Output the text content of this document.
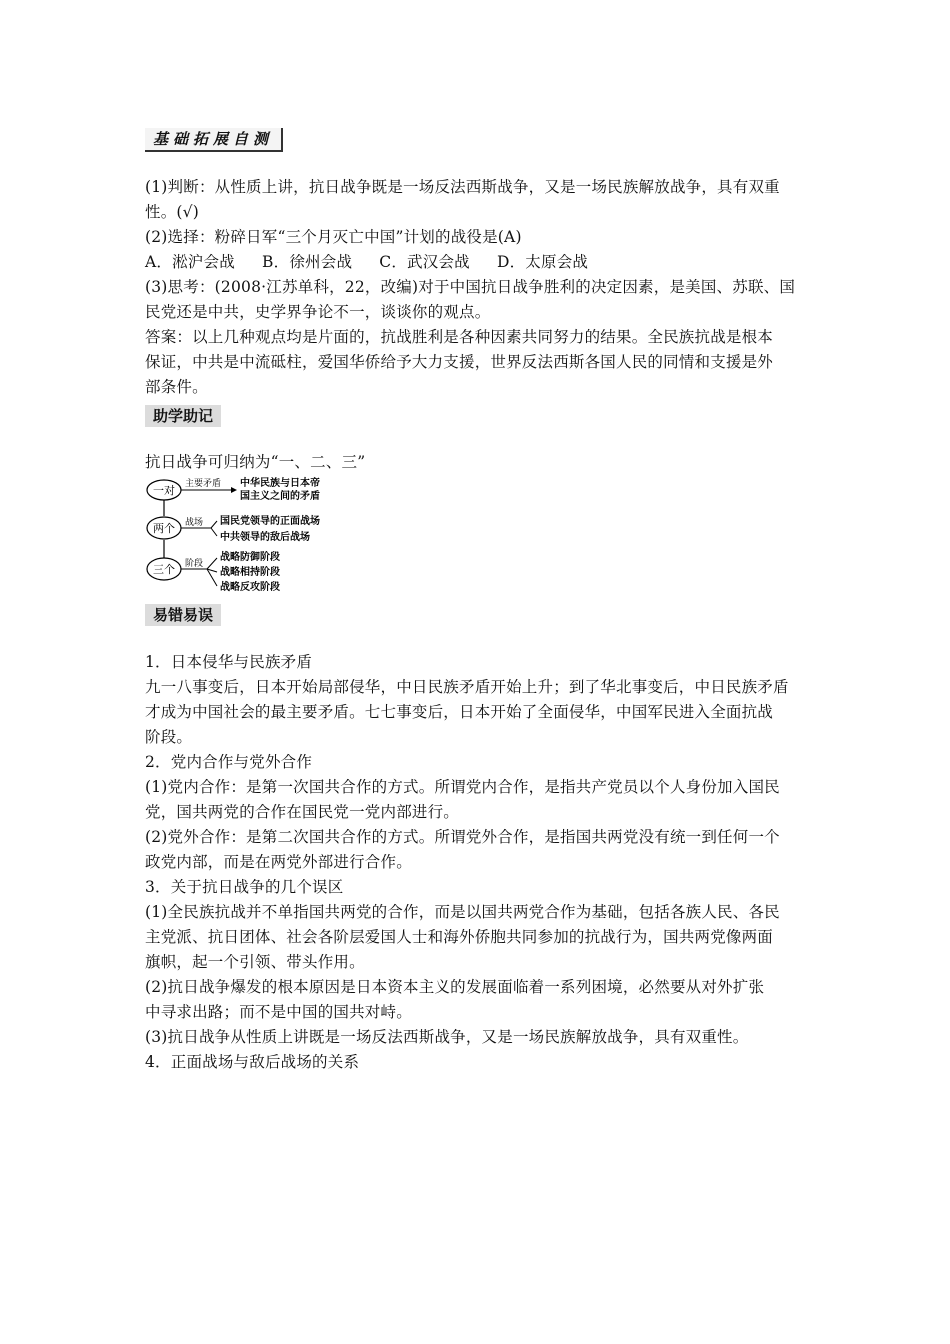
基础拓展自测
(1)判断：从性质上讲，抗日战争既是一场反法西斯战争，又是一场民族解放战争，具有双重
性。(√)
(2)选择：粉碎日军“三个月灭亡中国”计划的战役是(A)
A．淞沪会战 B．徐州会战 C．武汉会战 D．太原会战
(3)思考：(2008·江苏单科，22，改编)对于中国抗日战争胜利的决定因素，是美国、苏联、国
民党还是中共，史学界争论不一，谈谈你的观点。
答案：以上几种观点均是片面的，抗战胜利是各种因素共同努力的结果。全民族抗战是根本
保证，中共是中流砥柱，爱国华侨给予大力支援，世界反法西斯各国人民的同情和支援是外
部条件。
助学助记
抗日战争可归纳为“一、二、三”
一对 主要矛盾 中华民族与日本帝
国主义之间的矛盾
两个 战场 国民党领导的正面战场
中共领导的敌后战场
三个 阶段
战略防御阶段
战略相持阶段
战略反攻阶段
易错易误
1．日本侵华与民族矛盾
九一八事变后，日本开始局部侵华，中日民族矛盾开始上升；到了华北事变后，中日民族矛盾
才成为中国社会的最主要矛盾。七七事变后，日本开始了全面侵华，中国军民进入全面抗战
阶段。
2．党内合作与党外合作
(1)党内合作：是第一次国共合作的方式。所谓党内合作，是指共产党员以个人身份加入国民
党，国共两党的合作在国民党一党内部进行。
(2)党外合作：是第二次国共合作的方式。所谓党外合作，是指国共两党没有统一到任何一个
政党内部，而是在两党外部进行合作。
3．关于抗日战争的几个误区
(1)全民族抗战并不单指国共两党的合作，而是以国共两党合作为基础，包括各族人民、各民
主党派、抗日团体、社会各阶层爱国人士和海外侨胞共同参加的抗战行为，国共两党像两面
旗帜，起一个引领、带头作用。
(2)抗日战争爆发的根本原因是日本资本主义的发展面临着一系列困境，必然要从对外扩张
中寻求出路；而不是中国的国共对峙。
(3)抗日战争从性质上讲既是一场反法西斯战争，又是一场民族解放战争，具有双重性。
4．正面战场与敌后战场的关系
